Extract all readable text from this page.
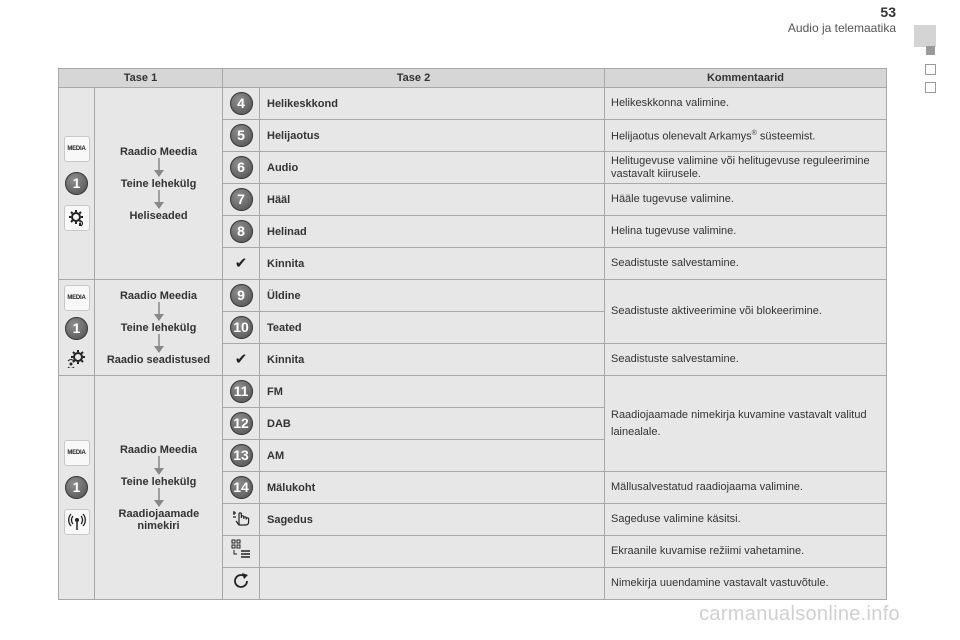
53
Audio ja telemaatika
Tase 1		Tase 2		Kommentaarid

MEDIA
1	Raadio Meedia
Teine lehekülg
Heliseaded	4	Helikeskkond	Helikeskkonna valimine.
		5	Helijaotus	Helijaotus olenevalt Arkamys® süsteemist.
		6	Audio	Helitugevuse valimine või helitugevuse reguleerimine vastavalt kiirusele.
		7	Hääl	Hääle tugevuse valimine.
		8	Helinad	Helina tugevuse valimine.
		✔	Kinnita	Seadistuste salvestamine.

MEDIA
1	Raadio Meedia
Teine lehekülg
Raadio seadistused	9	Üldine	Seadistuste aktiveerimine või blokeerimine.
		10	Teated	
		✔	Kinnita	Seadistuste salvestamine.

MEDIA
1	Raadio Meedia
Teine lehekülg
Raadiojaamade nimekiri	11	FM	Raadiojaamade nimekirja kuvamine vastavalt valitud lainealale.
		12	DAB	
		13	AM	
		14	Mälukoht	Mällusalvestatud raadiojaama valimine.
	Sagedus	Sageduse valimine käsitsi.
		Ekraanile kuvamise režiimi vahetamine.
		Nimekirja uuendamine vastavalt vastuvõtule.
carmanualsonline.info
